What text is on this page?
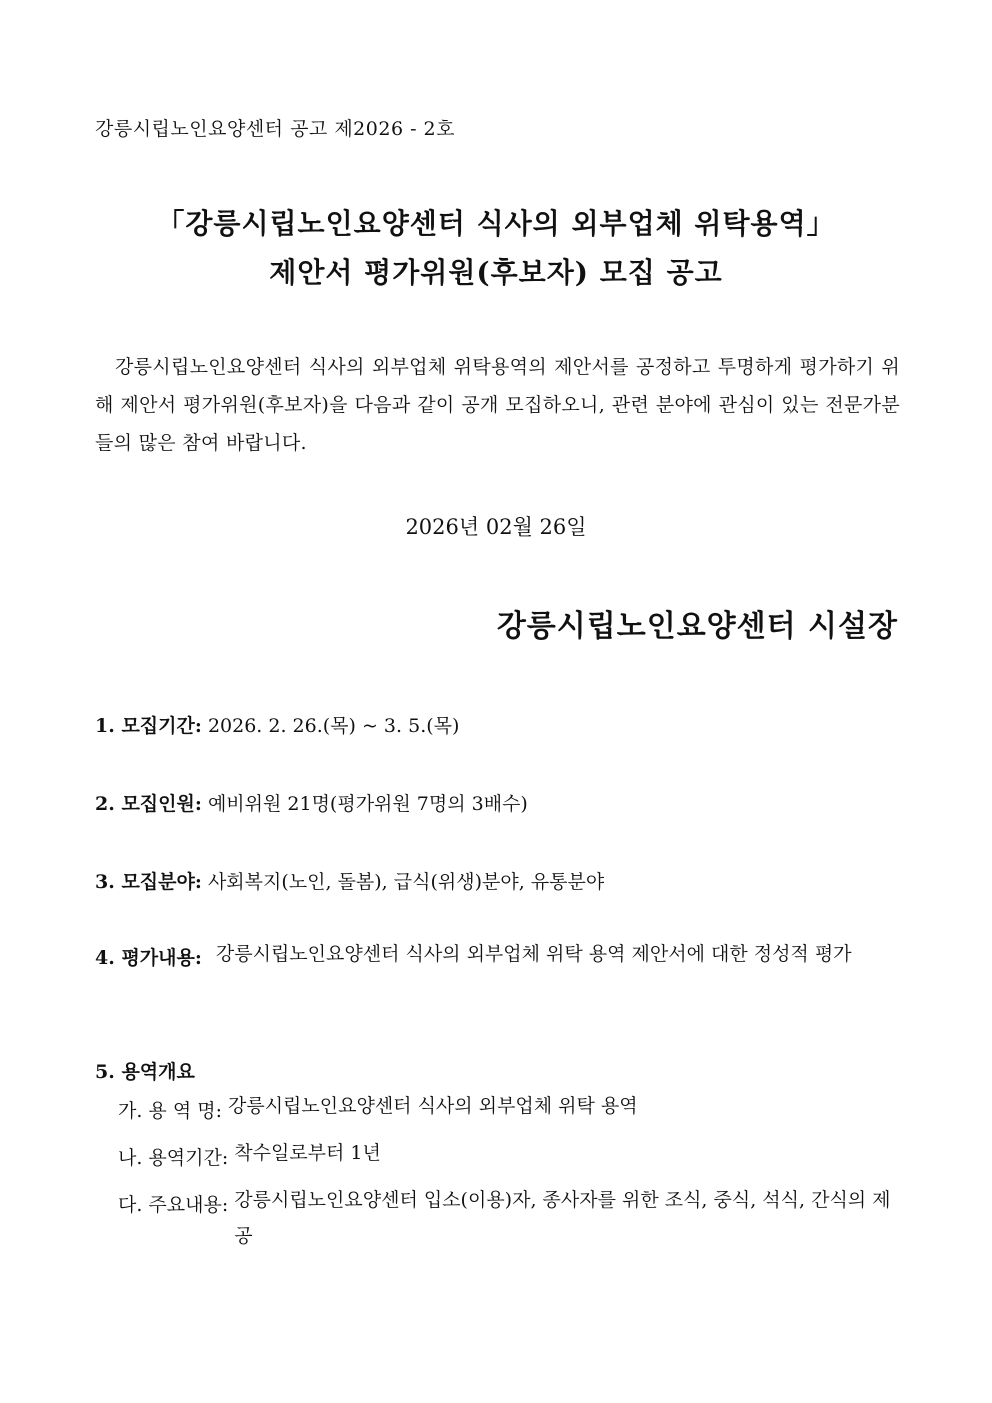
강릉시립노인요양센터 공고 제2026 - 2호
「강릉시립노인요양센터 식사의 외부업체 위탁용역」
제안서 평가위원(후보자) 모집 공고
강릉시립노인요양센터 식사의 외부업체 위탁용역의 제안서를 공정하고 투명하게 평가하기 위해 제안서 평가위원(후보자)을 다음과 같이 공개 모집하오니, 관련 분야에 관심이 있는 전문가분들의 많은 참여 바랍니다.
2026년 02월 26일
강릉시립노인요양센터 시설장
1. 모집기간: 2026. 2. 26.(목) ~ 3. 5.(목)
2. 모집인원: 예비위원 21명(평가위원 7명의 3배수)
3. 모집분야: 사회복지(노인, 돌봄), 급식(위생)분야, 유통분야
4. 평가내용: 강릉시립노인요양센터 식사의 외부업체 위탁 용역 제안서에 대한 정성적 평가
5. 용역개요
가. 용 역 명: 강릉시립노인요양센터 식사의 외부업체 위탁 용역
나. 용역기간: 착수일로부터 1년
다. 주요내용: 강릉시립노인요양센터 입소(이용)자, 종사자를 위한 조식, 중식, 석식, 간식의 제공
